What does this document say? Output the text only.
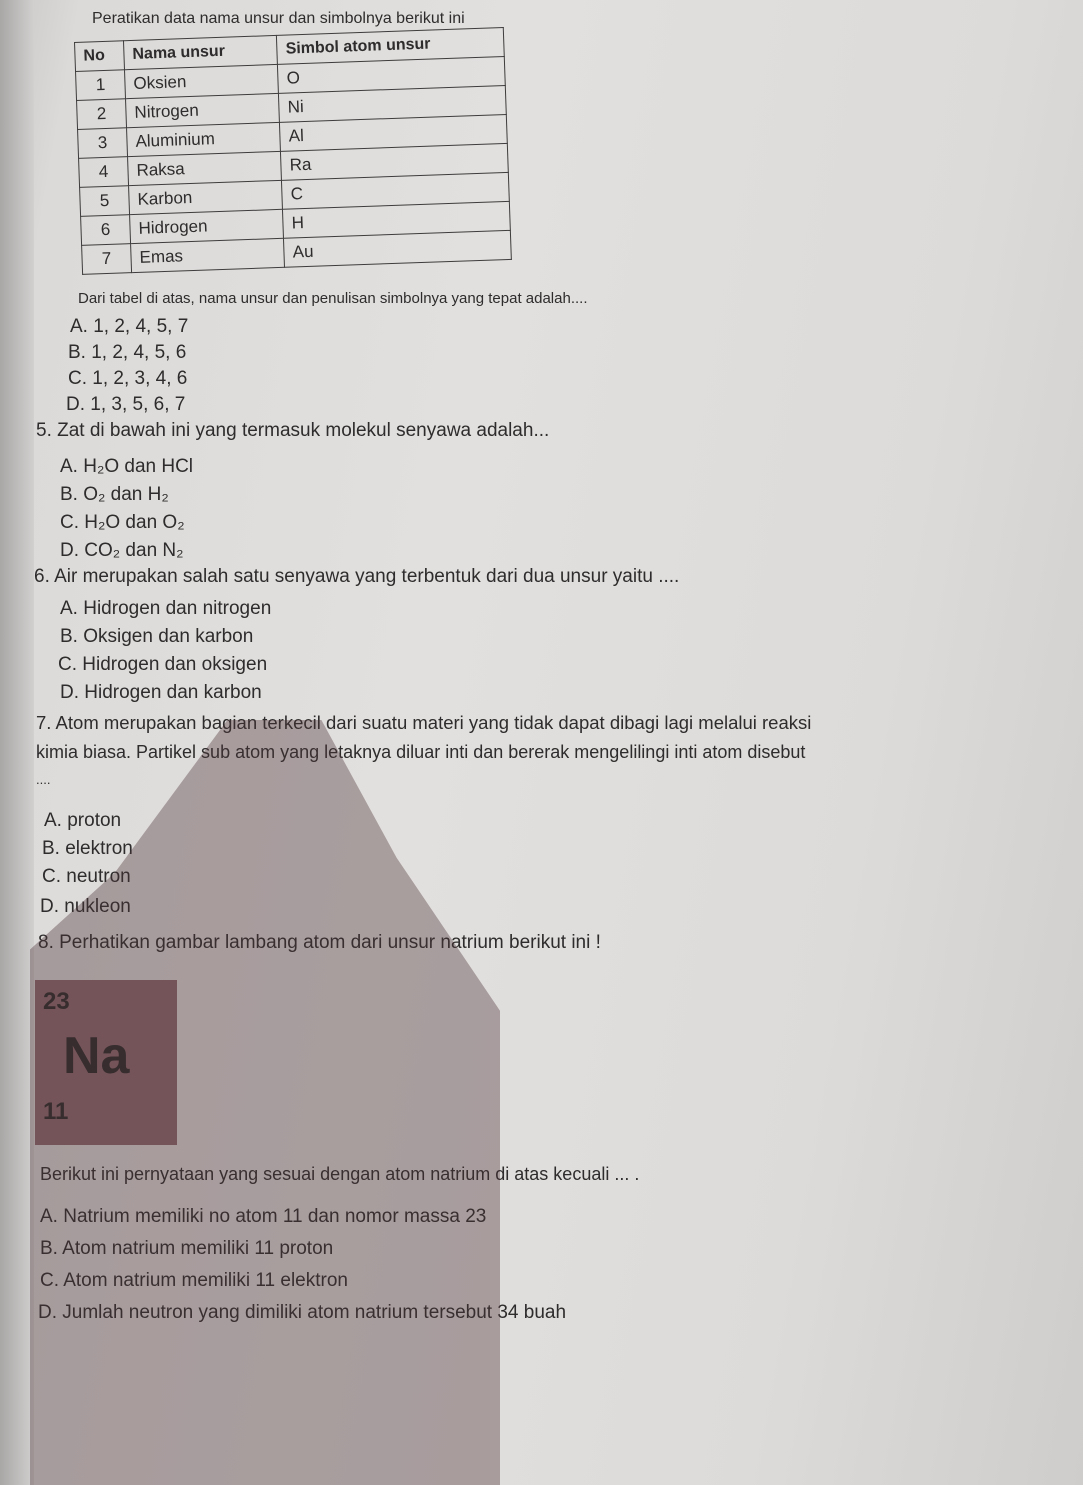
Peratikan data nama unsur dan simbolnya berikut ini
No	Nama unsur	Simbol atom unsur
1	Oksien	O
2	Nitrogen	Ni
3	Aluminium	Al
4	Raksa	Ra
5	Karbon	C
6	Hidrogen	H
7	Emas	Au
Dari tabel di atas, nama unsur dan penulisan simbolnya yang tepat adalah....
A. 1, 2, 4, 5, 7
B. 1, 2, 4, 5, 6
C. 1, 2, 3, 4, 6
D. 1, 3, 5, 6, 7
5. Zat di bawah ini yang termasuk molekul senyawa adalah...
A. H₂O dan HCl
B. O₂ dan H₂
C. H₂O dan O₂
D. CO₂ dan N₂
6. Air merupakan salah satu senyawa yang terbentuk dari dua unsur yaitu ....
A. Hidrogen dan nitrogen
B. Oksigen dan karbon
C. Hidrogen dan oksigen
D. Hidrogen dan karbon
7. Atom merupakan bagian terkecil dari suatu materi yang tidak dapat dibagi lagi melalui reaksi
kimia biasa. Partikel sub atom yang letaknya diluar inti dan bererak mengelilingi inti atom disebut
....
A. proton
B. elektron
C. neutron
D. nukleon
8. Perhatikan gambar lambang atom dari unsur natrium berikut ini !
23
Na
11
Berikut ini pernyataan yang sesuai dengan atom natrium di atas kecuali ... .
A. Natrium memiliki no atom 11 dan nomor massa 23
B. Atom natrium memiliki 11 proton
C. Atom natrium memiliki 11 elektron
D. Jumlah neutron yang dimiliki atom natrium tersebut 34 buah
